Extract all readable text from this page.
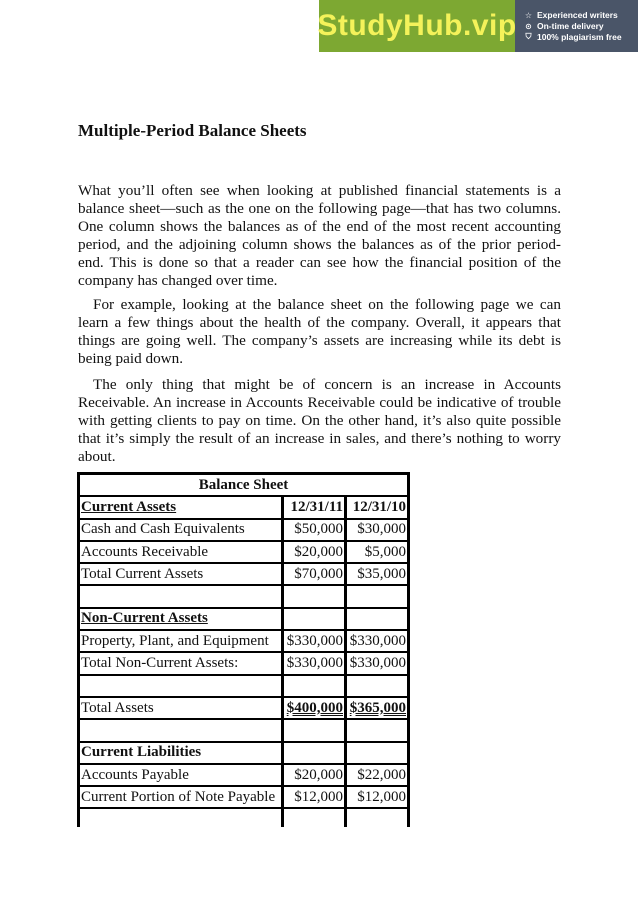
StudyHub.vip ☆ Experienced writers
⊙ On-time delivery
⛉ 100% plagiarism free
Multiple-Period Balance Sheets

What you’ll often see when looking at published financial statements is a balance sheet—such as the one on the following page—that has two columns. One column shows the balances as of the end of the most recent accounting period, and the adjoining column shows the balances as of the prior period-end. This is done so that a reader can see how the financial position of the company has changed over time.

For example, looking at the balance sheet on the following page we can learn a few things about the health of the company. Overall, it appears that things are going well. The company’s assets are increasing while its debt is being paid down.

The only thing that might be of concern is an increase in Accounts Receivable. An increase in Accounts Receivable could be indicative of trouble with getting clients to pay on time. On the other hand, it’s also quite possible that it’s simply the result of an increase in sales, and there’s nothing to worry about.

Balance Sheet		
Current Assets	12/31/11	12/31/10
Cash and Cash Equivalents	$50,000	$30,000
Accounts Receivable	$20,000	$5,000
Total Current Assets	$70,000	$35,000

Non-Current Assets		
Property, Plant, and Equipment	$330,000	$330,000
Total Non-Current Assets:	$330,000	$330,000

Total Assets	$400,000	$365,000

Current Liabilities		
Accounts Payable	$20,000	$22,000
Current Portion of Note Payable	$12,000	$12,000
